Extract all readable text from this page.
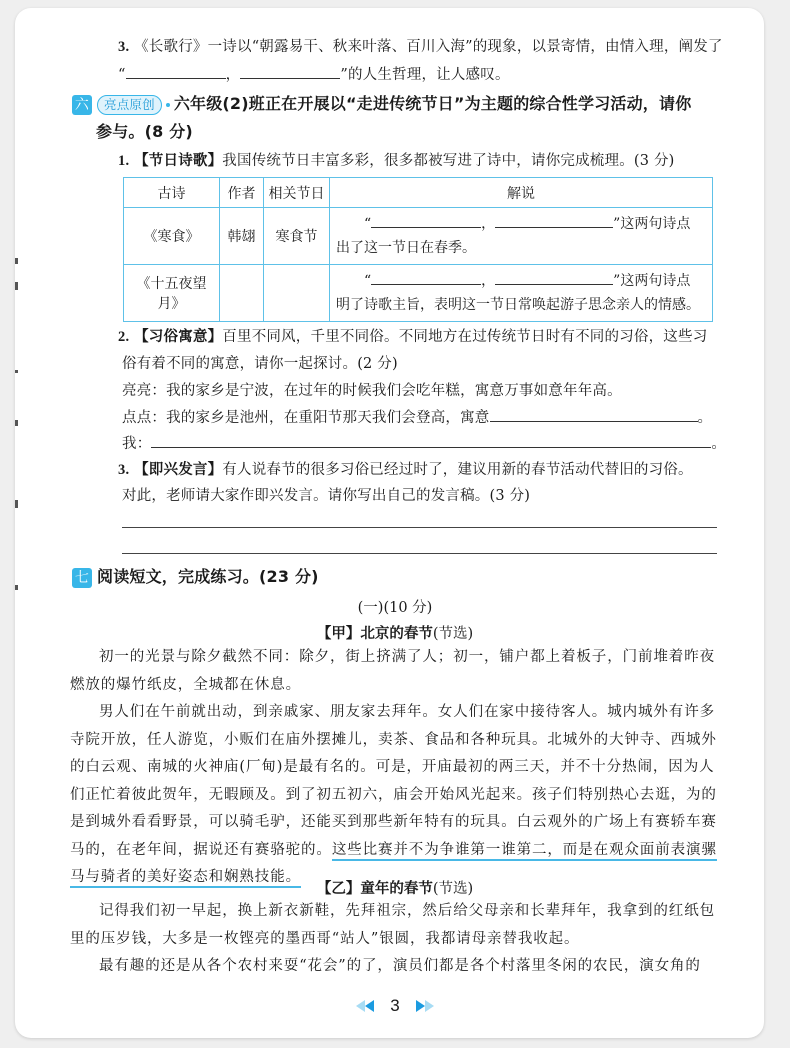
3. 《长歌行》一诗以“朝露易干、秋来叶落、百川入海”的现象，以景寄情，由情入理，阐发了
“	，	”的人生哲理，让人感叹。
六 亮点原创 六年级(2)班正在开展以“走进传统节日”为主题的综合性学习活动，请你
参与。(8 分)
1. 【节日诗歌】我国传统节日丰富多彩，很多都被写进了诗中，请你完成梳理。(3 分)
古诗	作者	相关节日	解说
《寒食》	韩翃	寒食节	“ ， ”这两句诗点
出了这一节日在春季。

《十五夜望月》			“ ， ”这两句诗点
明了诗歌主旨，表明这一节日常唤起游子思念亲人的情感。
2. 【习俗寓意】百里不同风，千里不同俗。不同地方在过传统节日时有不同的习俗，这些习
俗有着不同的寓意，请你一起探讨。(2 分)
亮亮：我的家乡是宁波，在过年的时候我们会吃年糕，寓意万事如意年年高。
点点：我的家乡是池州，在重阳节那天我们会登高，寓意	。
我：	。
3. 【即兴发言】有人说春节的很多习俗已经过时了，建议用新的春节活动代替旧的习俗。
对此，老师请大家作即兴发言。请你写出自己的发言稿。(3 分)
七 阅读短文，完成练习。(23 分)
(一)(10 分)
【甲】北京的春节(节选)
初一的光景与除夕截然不同：除夕，街上挤满了人；初一，铺户都上着板子，门前堆着昨夜燃放的爆竹纸皮，全城都在休息。
男人们在午前就出动，到亲戚家、朋友家去拜年。女人们在家中接待客人。城内城外有许多寺院开放，任人游览，小贩们在庙外摆摊儿，卖茶、食品和各种玩具。北城外的大钟寺、西城外的白云观、南城的火神庙(厂甸)是最有名的。可是，开庙最初的两三天，并不十分热闹，因为人们正忙着彼此贺年，无暇顾及。到了初五初六，庙会开始风光起来。孩子们特别热心去逛，为的是到城外看看野景，可以骑毛驴，还能买到那些新年特有的玩具。白云观外的广场上有赛轿车赛马的，在老年间，据说还有赛骆驼的。这些比赛并不为争谁第一谁第二，而是在观众面前表演骡马与骑者的美好姿态和娴熟技能。
【乙】童年的春节(节选)
记得我们初一早起，换上新衣新鞋，先拜祖宗，然后给父母亲和长辈拜年，我拿到的红纸包里的压岁钱，大多是一枚铿亮的墨西哥“站人”银圆，我都请母亲替我收起。
最有趣的还是从各个农村来耍“花会”的了，演员们都是各个村落里冬闲的农民，演女角的
3
